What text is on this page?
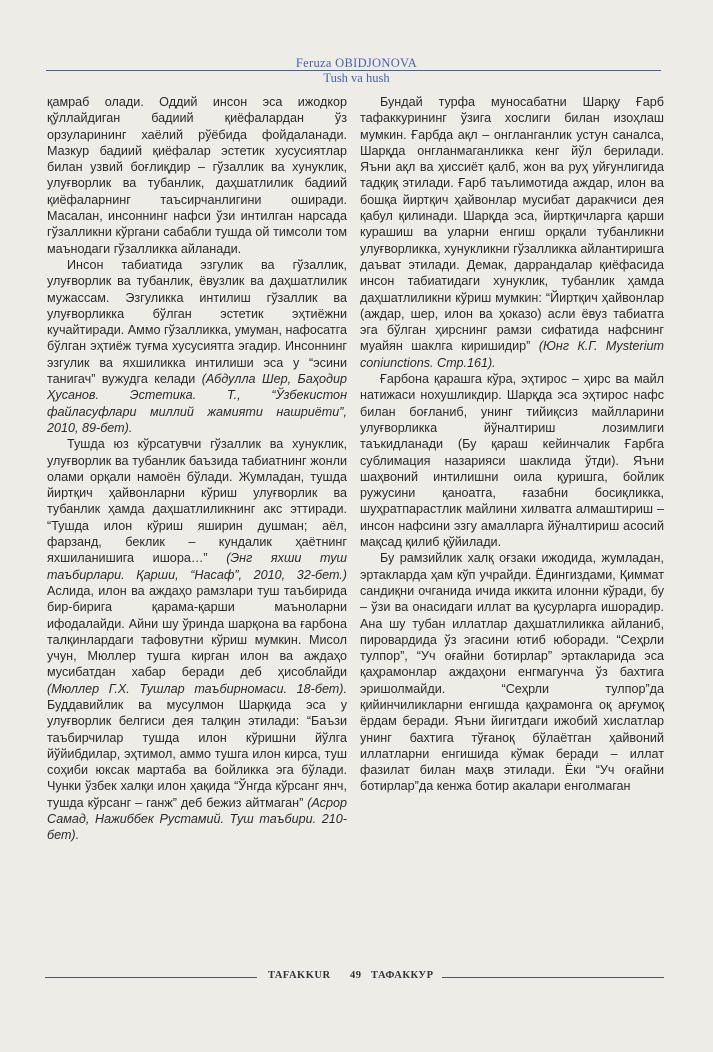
Feruza OBIDJONOVA
Tush va hush

қамраб олади. Оддий инсон эса ижодкор қўллайдиган бадиий қиёфалардан ўз орзуларининг хаёлий рўёбида фойдаланади. Мазкур бадиий қиёфалар эстетик хусусиятлар билан узвий боғлиқдир – гўзаллик ва хунуклик, улуғворлик ва тубанлик, даҳшатлилик бадиий қиёфаларнинг таъсирчанлигини оширади. Масалан, инсоннинг нафси ўзи интилган нарсада гўзалликни кўргани сабабли тушда ой тимсоли том маънодаги гўзалликка айланади.

Инсон табиатида эзгулик ва гўзаллик, улуғворлик ва тубанлик, ёвузлик ва даҳшатлилик мужассам. Эзгуликка интилиш гўзаллик ва улуғворликка бўлган эстетик эҳтиёжни кучайтиради. Аммо гўзалликка, умуман, нафосатга бўлган эҳтиёж туғма хусусиятга эгадир. Инсоннинг эзгулик ва яхшиликка интилиши эса у “эсини танигач” вужудга келади (Абдулла Шер, Баҳодир Ҳусанов. Эстетика. Т., “Ўзбекистон файласуфлари миллий жамияти нашриёти”, 2010, 89-бет).

Тушда юз кўрсатувчи гўзаллик ва хунуклик, улуғворлик ва тубанлик баъзида табиатнинг жонли олами орқали намоён бўлади. Жумладан, тушда йиртқич ҳайвонларни кўриш улуғворлик ва тубанлик ҳамда даҳшатлиликнинг акс эттиради. “Тушда илон кўриш яширин душман; аёл, фарзанд, беклик – кундалик ҳаётнинг яхшиланишига ишора…” (Энг яхши туш таъбирлари. Қарши, “Насаф”, 2010, 32-бет.) Аслида, илон ва аждаҳо рамзлари туш таъбирида бир-бирига қарама-қарши маъноларни ифодалайди. Айни шу ўринда шарқона ва ғарбона талқинлардаги тафовутни кўриш мумкин. Мисол учун, Мюллер тушга кирган илон ва аждаҳо мусибатдан хабар беради деб ҳисоблайди (Мюллер Г.Х. Тушлар таъбирномаси. 18-бет). Буддавийлик ва мусулмон Шарқида эса у улуғворлик белгиси дея талқин этилади: “Баъзи таъбирчилар тушда илон кўришни йўлга йўйибдилар, эҳтимол, аммо тушга илон кирса, туш соҳиби юксак мартаба ва бойликка эга бўлади. Чунки ўзбек халқи илон ҳақида “Ўнгда кўрсанг янч, тушда кўрсанг – ганж” деб бежиз айтмаган” (Асрор Самад, Нажиббек Рустамий. Туш таъбири. 210-бет).

Бундай турфа муносабатни Шарқу Ғарб тафаккурининг ўзига хослиги билан изоҳлаш мумкин. Ғарбда ақл – онгланганлик устун саналса, Шарқда онгланмаганликка кенг йўл берилади. Яъни ақл ва ҳиссиёт қалб, жон ва руҳ уйғунлигида тадқиқ этилади. Ғарб таълимотида аждар, илон ва бошқа йиртқич ҳайвонлар мусибат даракчиси дея қабул қилинади. Шарқда эса, йиртқичларга қарши курашиш ва уларни енгиш орқали тубанликни улуғворликка, хунукликни гўзалликка айлантиришга даъват этилади. Демак, даррандалар қиёфасида инсон табиатидаги хунуклик, тубанлик ҳамда даҳшатлиликни кўриш мумкин: “Йиртқич ҳайвонлар (аждар, шер, илон ва ҳоказо) асли ёвуз табиатга эга бўлган ҳирснинг рамзи сифатида нафснинг муайян шаклга киришидир” (Юнг К.Г. Mysterium coniunctions. Стр.161).

Ғарбона қарашга кўра, эҳтирос – ҳирс ва майл натижаси нохушликдир. Шарқда эса эҳтирос нафс билан боғланиб, унинг тийиқсиз майлларини улуғворликка йўналтириш лозимлиги таъкидланади (Бу қараш кейинчалик Ғарбга сублимация назарияси шаклида ўтди). Яъни шаҳвоний интилишни оила қуришга, бойлик ружусини қаноатга, ғазабни босиқликка, шуҳратпарастлик майлини хилватга алмаштириш – инсон нафсини эзгу амалларга йўналтириш асосий мақсад қилиб қўйилади.

Бу рамзийлик халқ оғзаки ижодида, жумладан, эртакларда ҳам кўп учрайди. Ёдингиздами, Қиммат сандиқни очганида ичида иккита илонни кўради, бу – ўзи ва онасидаги иллат ва қусурларга ишорадир. Ана шу тубан иллатлар даҳшатлиликка айланиб, пировардида ўз эгасини ютиб юборади. “Сеҳрли тулпор”, “Уч оғайни ботирлар” эртакларида эса қаҳрамонлар аждаҳони енгмагунча ўз бахтига эришолмайди. “Сеҳрли тулпор”да қийинчиликларни енгишда қаҳрамонга оқ арғумоқ ёрдам беради. Яъни йигитдаги ижобий хислатлар унинг бахтига тўғаноқ бўлаётган ҳайвоний иллатларни енгишида кўмак беради – иллат фазилат билан маҳв этилади. Ёки “Уч оғайни ботирлар”да кенжа ботир акалари енголмаган

TAFAKKUR 49 ТАФАККУР
